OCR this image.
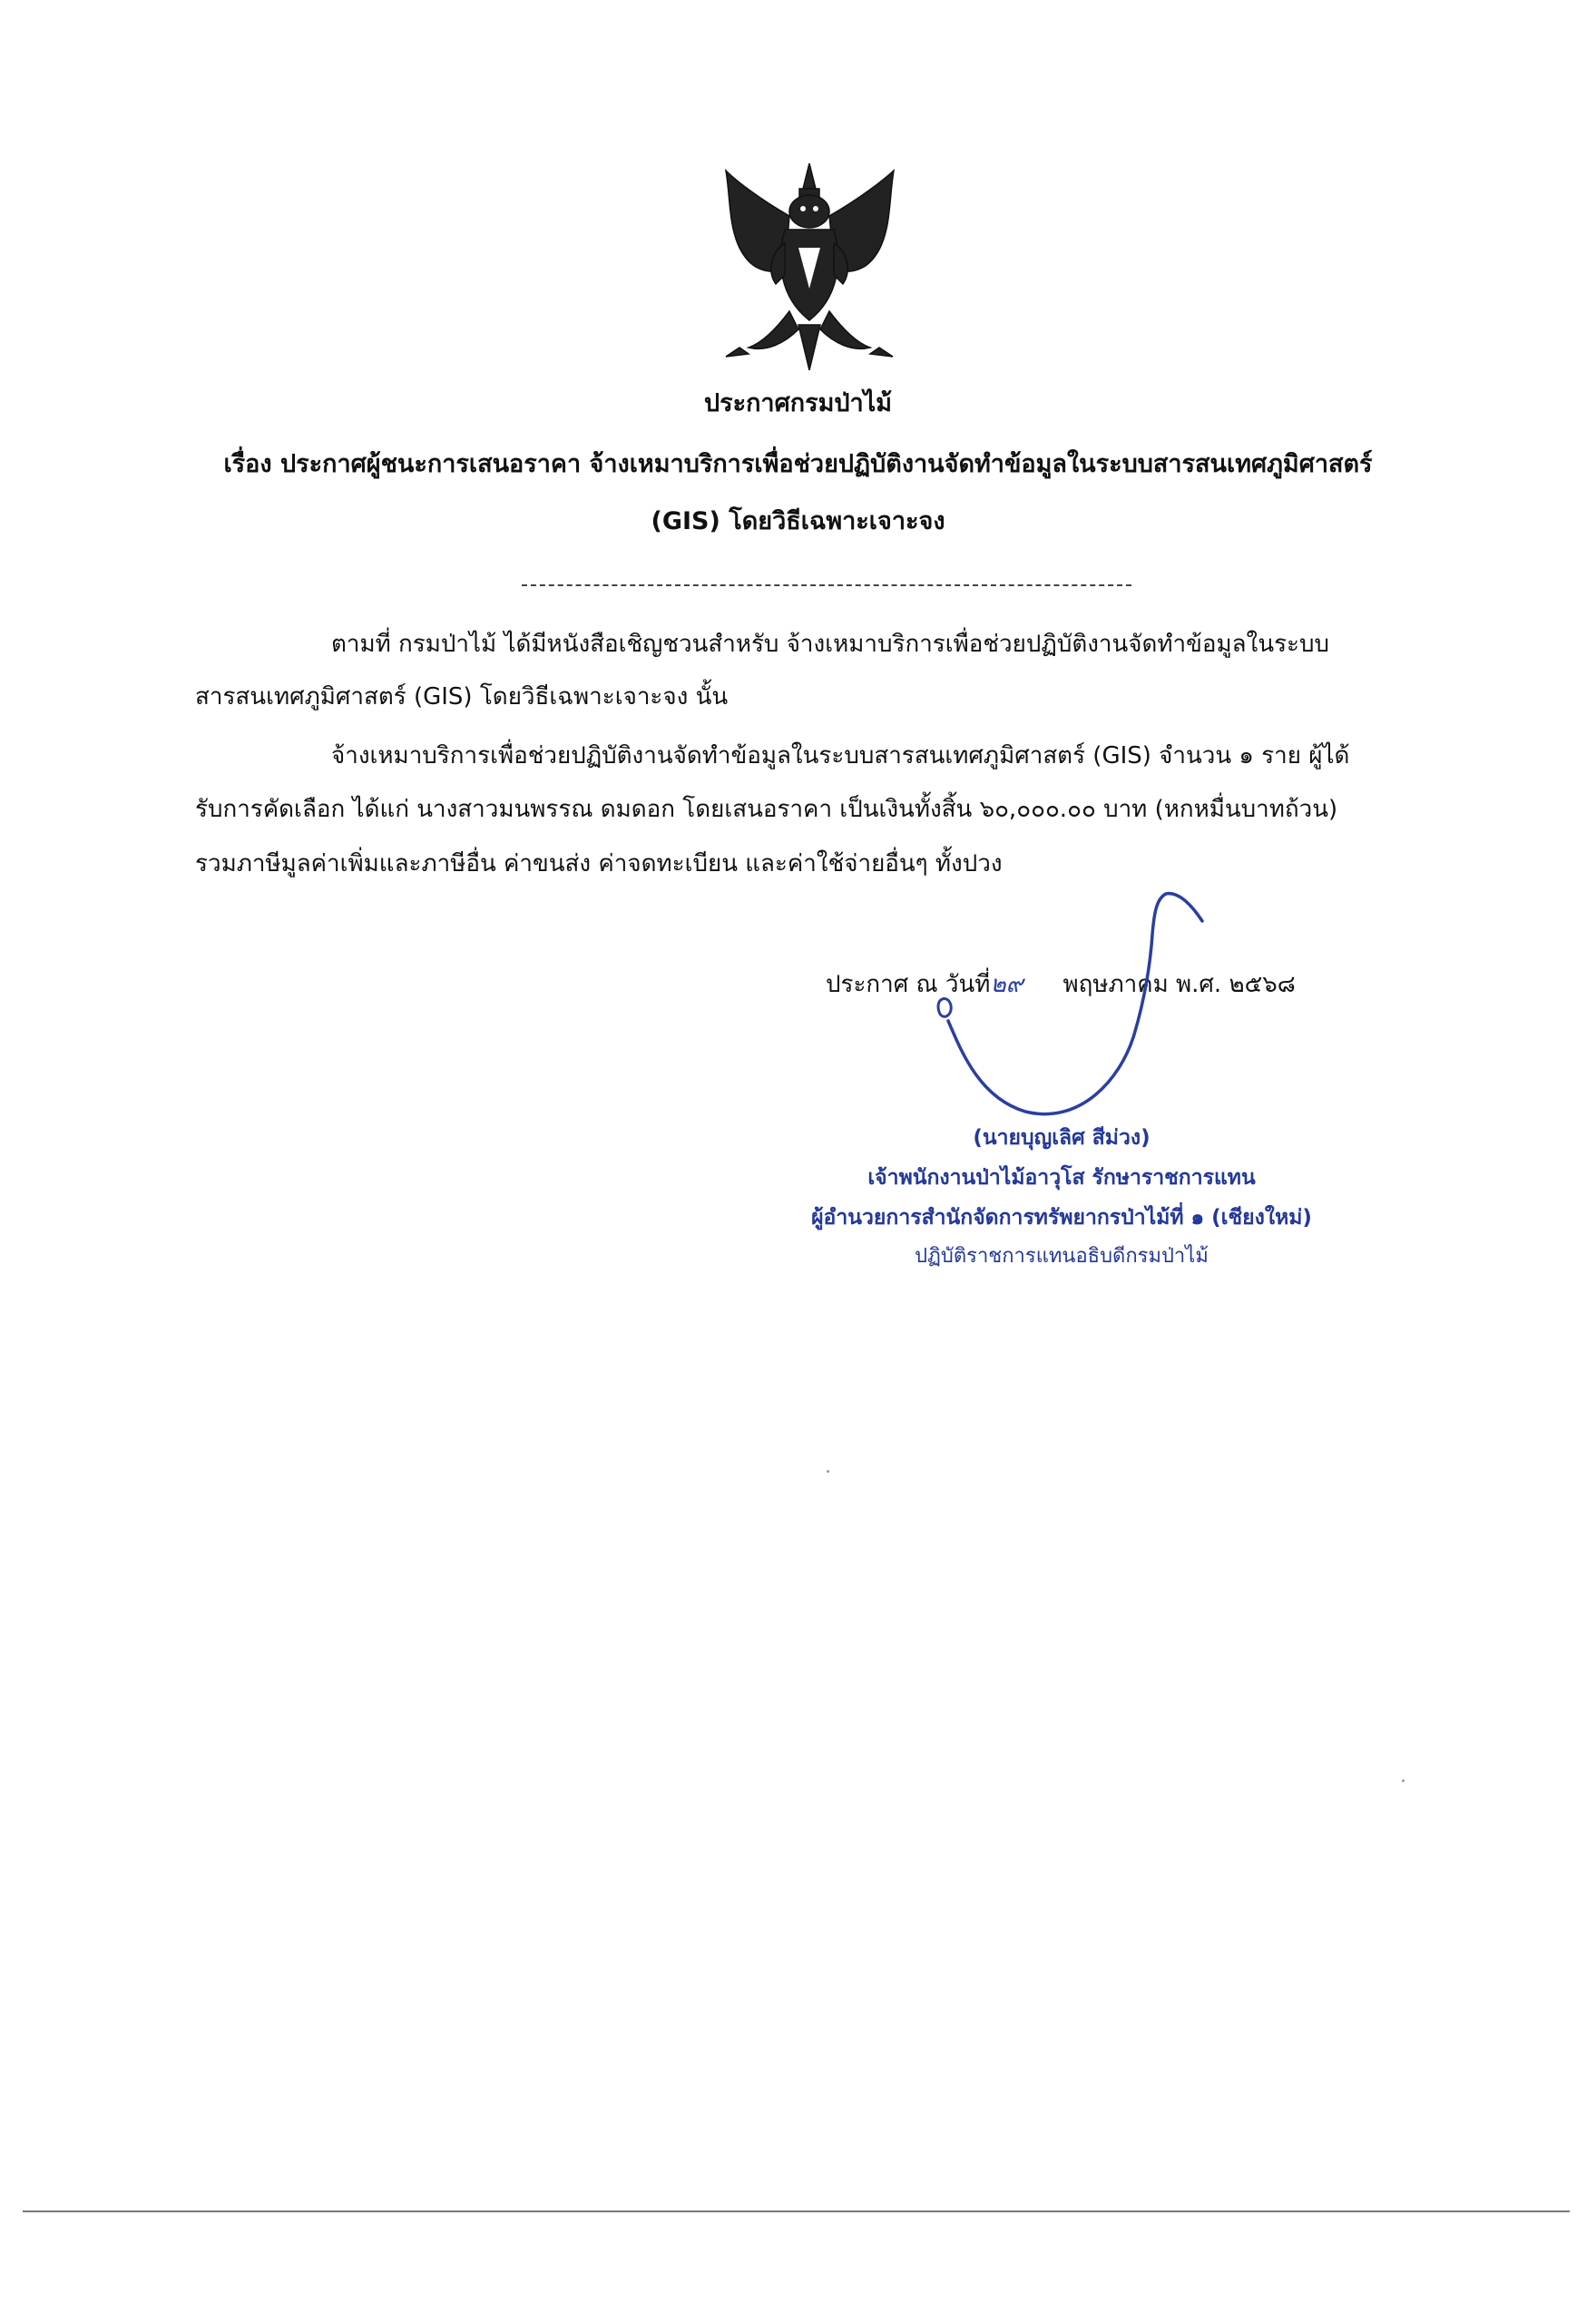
ประกาศกรมป่าไม้
เรื่อง ประกาศผู้ชนะการเสนอราคา จ้างเหมาบริการเพื่อช่วยปฏิบัติงานจัดทำข้อมูลในระบบสารสนเทศภูมิศาสตร์
(GIS) โดยวิธีเฉพาะเจาะจง
ตามที่ กรมป่าไม้ ได้มีหนังสือเชิญชวนสำหรับ จ้างเหมาบริการเพื่อช่วยปฏิบัติงานจัดทำข้อมูลในระบบ
สารสนเทศภูมิศาสตร์ (GIS) โดยวิธีเฉพาะเจาะจง นั้น
จ้างเหมาบริการเพื่อช่วยปฏิบัติงานจัดทำข้อมูลในระบบสารสนเทศภูมิศาสตร์ (GIS) จำนวน ๑ ราย ผู้ได้
รับการคัดเลือก ได้แก่ นางสาวมนพรรณ ดมดอก โดยเสนอราคา เป็นเงินทั้งสิ้น ๖๐,๐๐๐.๐๐ บาท (หกหมื่นบาทถ้วน)
รวมภาษีมูลค่าเพิ่มและภาษีอื่น ค่าขนส่ง ค่าจดทะเบียน และค่าใช้จ่ายอื่นๆ ทั้งปวง
ประกาศ ณ วันที่๒๙ พฤษภาคม พ.ศ. ๒๕๖๘
(นายบุญเลิศ สีม่วง)
เจ้าพนักงานป่าไม้อาวุโส รักษาราชการแทน
ผู้อำนวยการสำนักจัดการทรัพยากรป่าไม้ที่ ๑ (เชียงใหม่)
ปฏิบัติราชการแทนอธิบดีกรมป่าไม้
